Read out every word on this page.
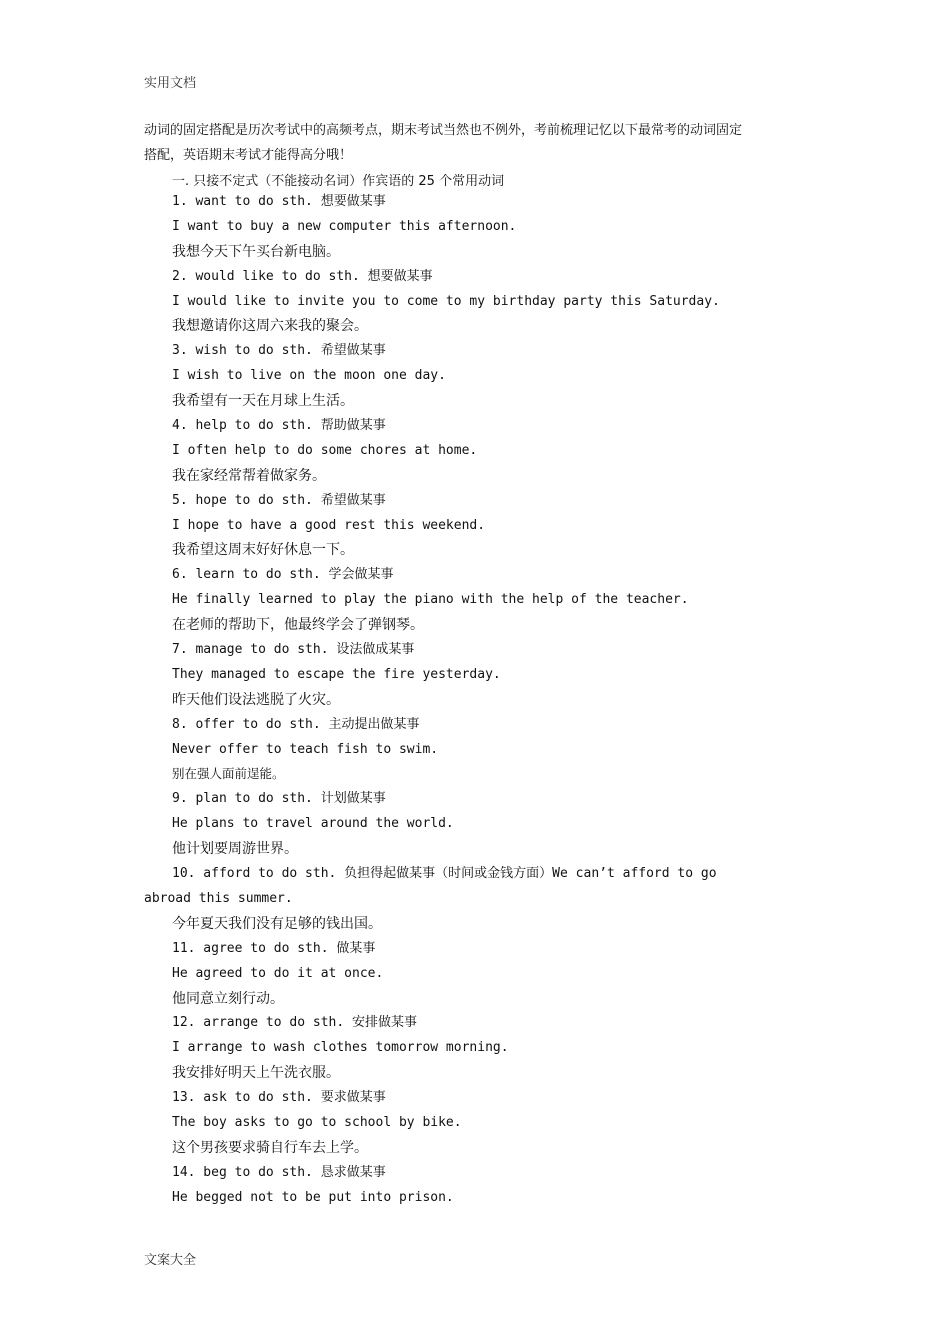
实用文档
动词的固定搭配是历次考试中的高频考点，期末考试当然也不例外，考前梳理记忆以下最常考的动词固定
搭配，英语期末考试才能得高分哦！
一. 只接不定式（不能接动名词）作宾语的 25 个常用动词
1. want to do sth. 想要做某事
I want to buy a new computer this afternoon.
我想今天下午买台新电脑。
2. would like to do sth. 想要做某事
I would like to invite you to come to my birthday party this Saturday.
我想邀请你这周六来我的聚会。
3. wish to do sth. 希望做某事
I wish to live on the moon one day.
我希望有一天在月球上生活。
4. help to do sth. 帮助做某事
I often help to do some chores at home.
我在家经常帮着做家务。
5. hope to do sth. 希望做某事
I hope to have a good rest this weekend.
我希望这周末好好休息一下。
6. learn to do sth. 学会做某事
He finally learned to play the piano with the help of the teacher.
在老师的帮助下，他最终学会了弹钢琴。
7. manage to do sth. 设法做成某事
They managed to escape the fire yesterday.
昨天他们设法逃脱了火灾。
8. offer to do sth. 主动提出做某事
Never offer to teach fish to swim.
别在强人面前逞能。
9. plan to do sth. 计划做某事
He plans to travel around the world.
他计划要周游世界。
10. afford to do sth. 负担得起做某事（时间或金钱方面）We can’t afford to go
abroad this summer.
今年夏天我们没有足够的钱出国。
11. agree to do sth. 做某事
He agreed to do it at once.
他同意立刻行动。
12. arrange to do sth. 安排做某事
I arrange to wash clothes tomorrow morning.
我安排好明天上午洗衣服。
13. ask to do sth. 要求做某事
The boy asks to go to school by bike.
这个男孩要求骑自行车去上学。
14. beg to do sth. 恳求做某事
He begged not to be put into prison.
文案大全
